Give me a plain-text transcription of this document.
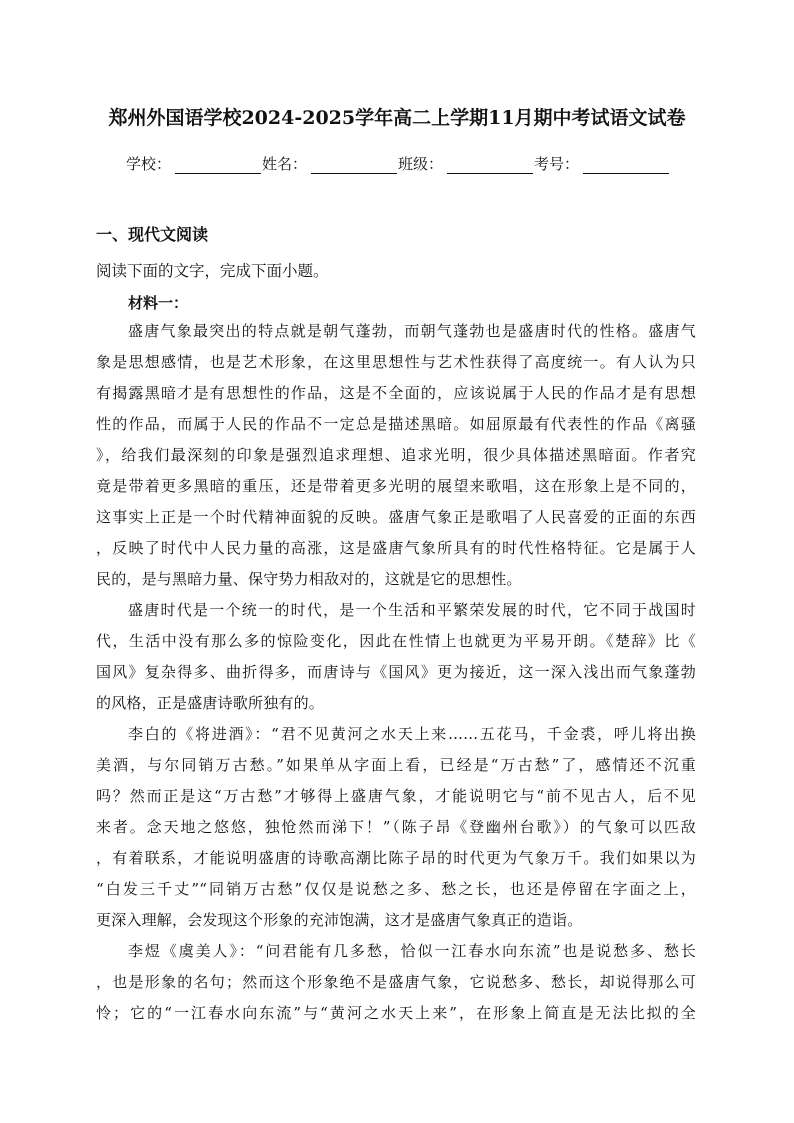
郑州外国语学校2024-2025学年高二上学期11月期中考试语文试卷
学校：	姓名：	班级：	考号：
一、现代文阅读
阅读下面的文字，完成下面小题。
材料一：
盛唐气象最突出的特点就是朝气蓬勃，而朝气蓬勃也是盛唐时代的性格。盛唐气
象是思想感情，也是艺术形象，在这里思想性与艺术性获得了高度统一。有人认为只
有揭露黑暗才是有思想性的作品，这是不全面的，应该说属于人民的作品才是有思想
性的作品，而属于人民的作品不一定总是描述黑暗。如屈原最有代表性的作品《离骚
》，给我们最深刻的印象是强烈追求理想、追求光明，很少具体描述黑暗面。作者究
竟是带着更多黑暗的重压，还是带着更多光明的展望来歌唱，这在形象上是不同的，
这事实上正是一个时代精神面貌的反映。盛唐气象正是歌唱了人民喜爱的正面的东西
，反映了时代中人民力量的高涨，这是盛唐气象所具有的时代性格特征。它是属于人
民的，是与黑暗力量、保守势力相敌对的，这就是它的思想性。
盛唐时代是一个统一的时代，是一个生活和平繁荣发展的时代，它不同于战国时
代，生活中没有那么多的惊险变化，因此在性情上也就更为平易开朗。《楚辞》比《
国风》复杂得多、曲折得多，而唐诗与《国风》更为接近，这一深入浅出而气象蓬勃
的风格，正是盛唐诗歌所独有的。
李白的《将进酒》：“君不见黄河之水天上来……五花马，千金裘，呼儿将出换
美酒，与尔同销万古愁。”如果单从字面上看，已经是“万古愁”了，感情还不沉重
吗？然而正是这“万古愁”才够得上盛唐气象，才能说明它与“前不见古人，后不见
来者。念天地之悠悠，独怆然而涕下！”（陈子昂《登幽州台歌》）的气象可以匹敌
，有着联系，才能说明盛唐的诗歌高潮比陈子昂的时代更为气象万千。我们如果以为
“白发三千丈”“同销万古愁”仅仅是说愁之多、愁之长，也还是停留在字面之上，
更深入理解，会发现这个形象的充沛饱满，这才是盛唐气象真正的造诣。
李煜《虞美人》：“问君能有几多愁，恰似一江春水向东流”也是说愁多、愁长
，也是形象的名句；然而这个形象绝不是盛唐气象，它说愁多、愁长，却说得那么可
怜；它的“一江春水向东流”与“黄河之水天上来”，在形象上简直是无法比拟的全
